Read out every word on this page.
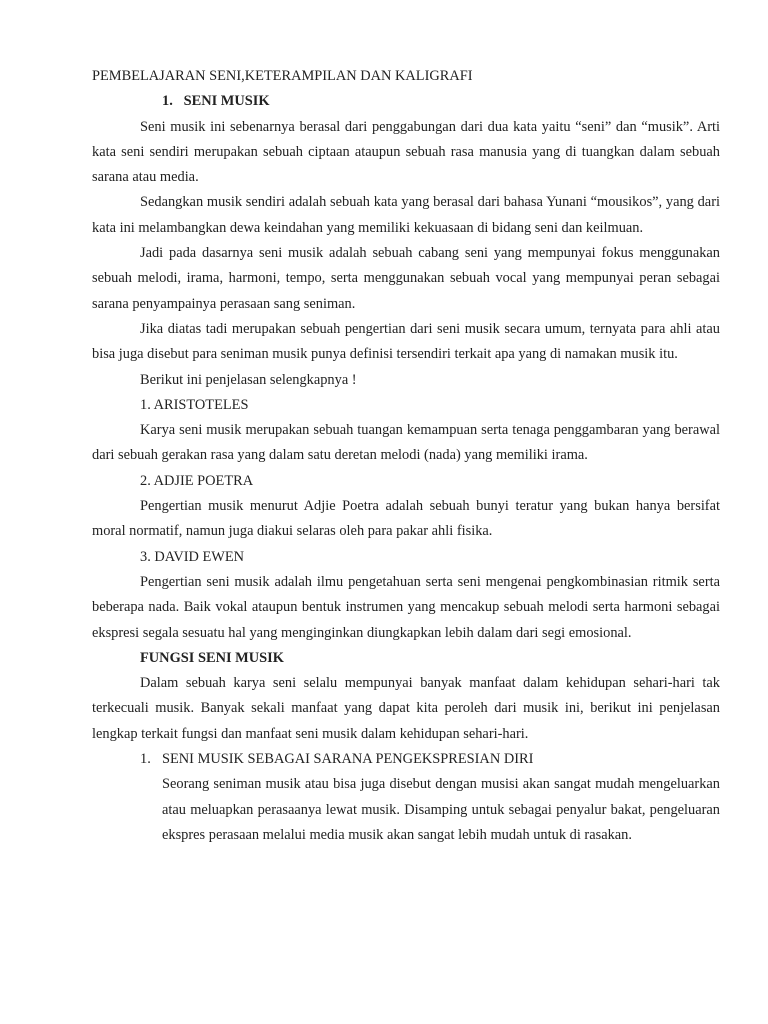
PEMBELAJARAN SENI,KETERAMPILAN DAN KALIGRAFI

1. SENI MUSIK

Seni musik ini sebenarnya berasal dari penggabungan dari dua kata yaitu “seni” dan “musik”. Arti kata seni sendiri merupakan sebuah ciptaan ataupun sebuah rasa manusia yang di tuangkan dalam sebuah sarana atau media.

Sedangkan musik sendiri adalah sebuah kata yang berasal dari bahasa Yunani “mousikos”, yang dari kata ini melambangkan dewa keindahan yang memiliki kekuasaan di bidang seni dan keilmuan.

Jadi pada dasarnya seni musik adalah sebuah cabang seni yang mempunyai fokus menggunakan sebuah melodi, irama, harmoni, tempo, serta menggunakan sebuah vocal yang mempunyai peran sebagai sarana penyampainya perasaan sang seniman.

Jika diatas tadi merupakan sebuah pengertian dari seni musik secara umum, ternyata para ahli atau bisa juga disebut para seniman musik punya definisi tersendiri terkait apa yang di namakan musik itu.

Berikut ini penjelasan selengkapnya !

1. ARISTOTELES

Karya seni musik merupakan sebuah tuangan kemampuan serta tenaga penggambaran yang berawal dari sebuah gerakan rasa yang dalam satu deretan melodi (nada) yang memiliki irama.

2. ADJIE POETRA

Pengertian musik menurut Adjie Poetra adalah sebuah bunyi teratur yang bukan hanya bersifat moral normatif, namun juga diakui selaras oleh para pakar ahli fisika.

3. DAVID EWEN

Pengertian seni musik adalah ilmu pengetahuan serta seni mengenai pengkombinasian ritmik serta beberapa nada. Baik vokal ataupun bentuk instrumen yang mencakup sebuah melodi serta harmoni sebagai ekspresi segala sesuatu hal yang menginginkan diungkapkan lebih dalam dari segi emosional.

FUNGSI SENI MUSIK

Dalam sebuah karya seni selalu mempunyai banyak manfaat dalam kehidupan sehari-hari tak terkecuali musik. Banyak sekali manfaat yang dapat kita peroleh dari musik ini, berikut ini penjelasan lengkap terkait fungsi dan manfaat seni musik dalam kehidupan sehari-hari.

1. SENI MUSIK SEBAGAI SARANA PENGEKSPRESIAN DIRI

Seorang seniman musik atau bisa juga disebut dengan musisi akan sangat mudah mengeluarkan atau meluapkan perasaanya lewat musik. Disamping untuk sebagai penyalur bakat, pengeluaran ekspres perasaan melalui media musik akan sangat lebih mudah untuk di rasakan.
